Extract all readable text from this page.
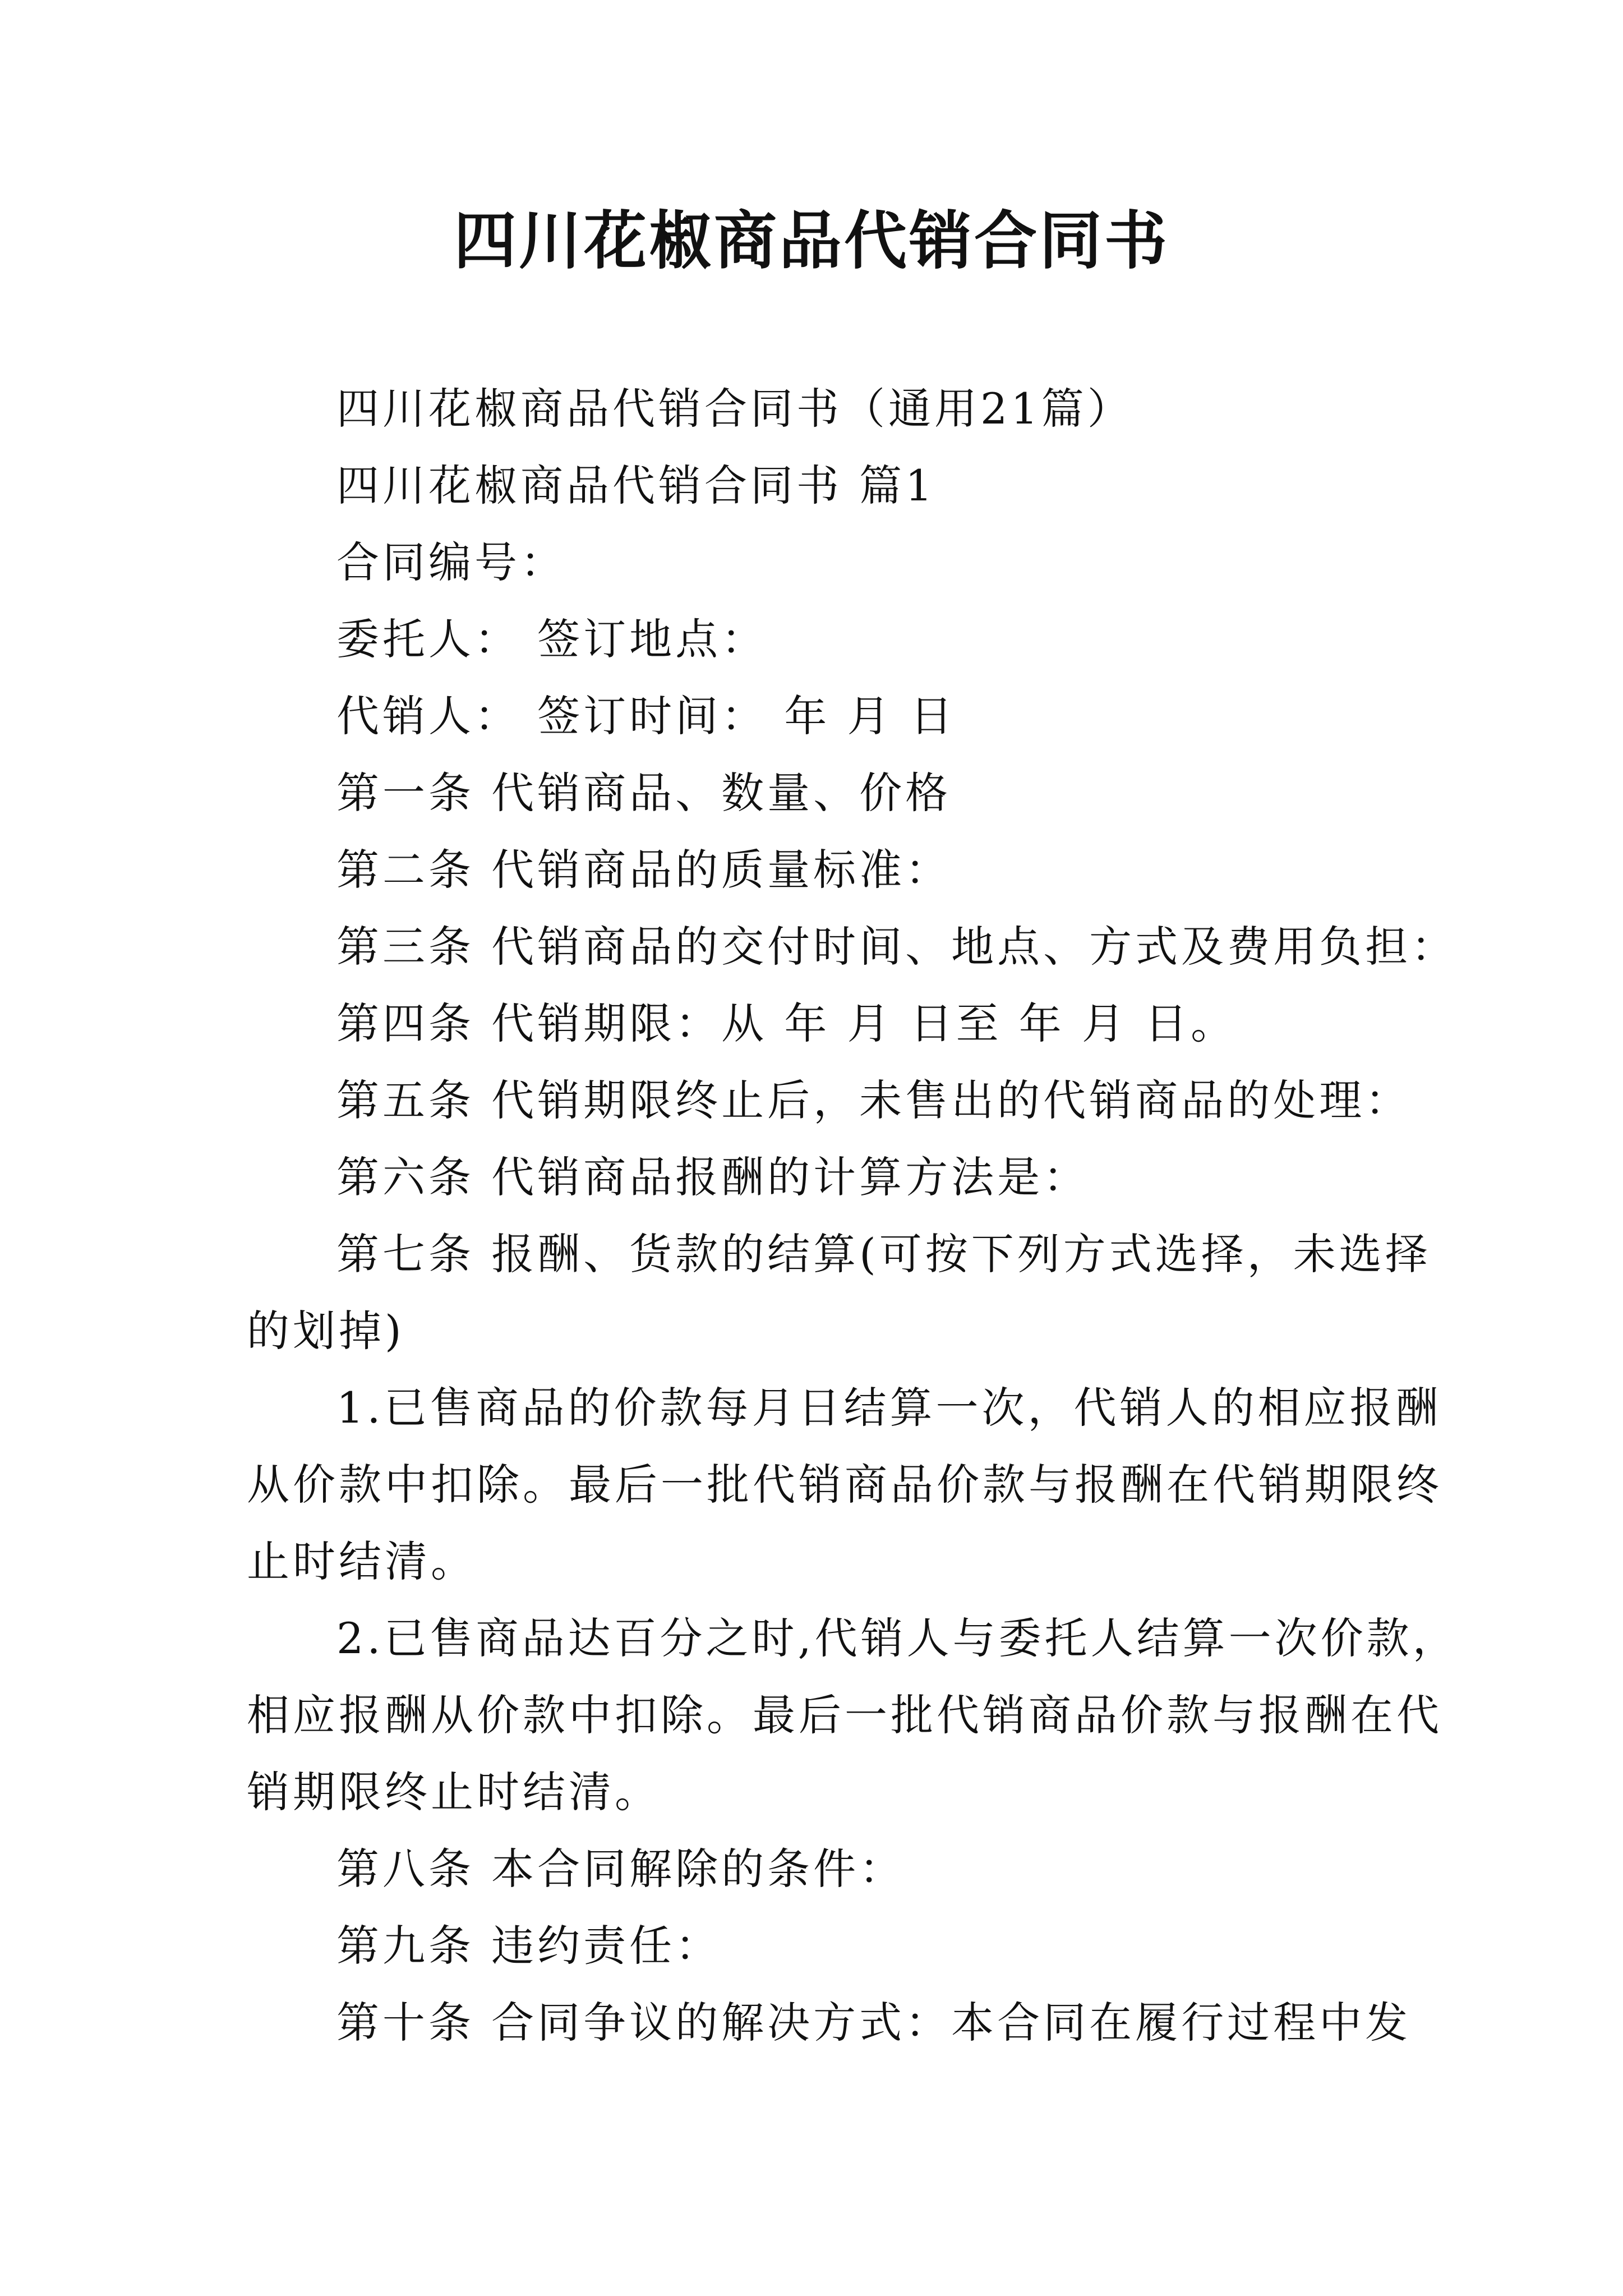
四川花椒商品代销合同书
四川花椒商品代销合同书（通用21篇）
四川花椒商品代销合同书 篇1
合同编号：
委托人： 签订地点：
代销人： 签订时间： 年 月 日
第一条 代销商品、数量、价格
第二条 代销商品的质量标准：
第三条 代销商品的交付时间、地点、方式及费用负担：
第四条 代销期限：从 年 月 日至 年 月 日。
第五条 代销期限终止后，未售出的代销商品的处理：
第六条 代销商品报酬的计算方法是：
第七条 报酬、货款的结算(可按下列方式选择，未选择
的划掉)
1.已售商品的价款每月日结算一次，代销人的相应报酬
从价款中扣除。最后一批代销商品价款与报酬在代销期限终
止时结清。
2.已售商品达百分之时,代销人与委托人结算一次价款，
相应报酬从价款中扣除。最后一批代销商品价款与报酬在代
销期限终止时结清。
第八条 本合同解除的条件：
第九条 违约责任：
第十条 合同争议的解决方式：本合同在履行过程中发
